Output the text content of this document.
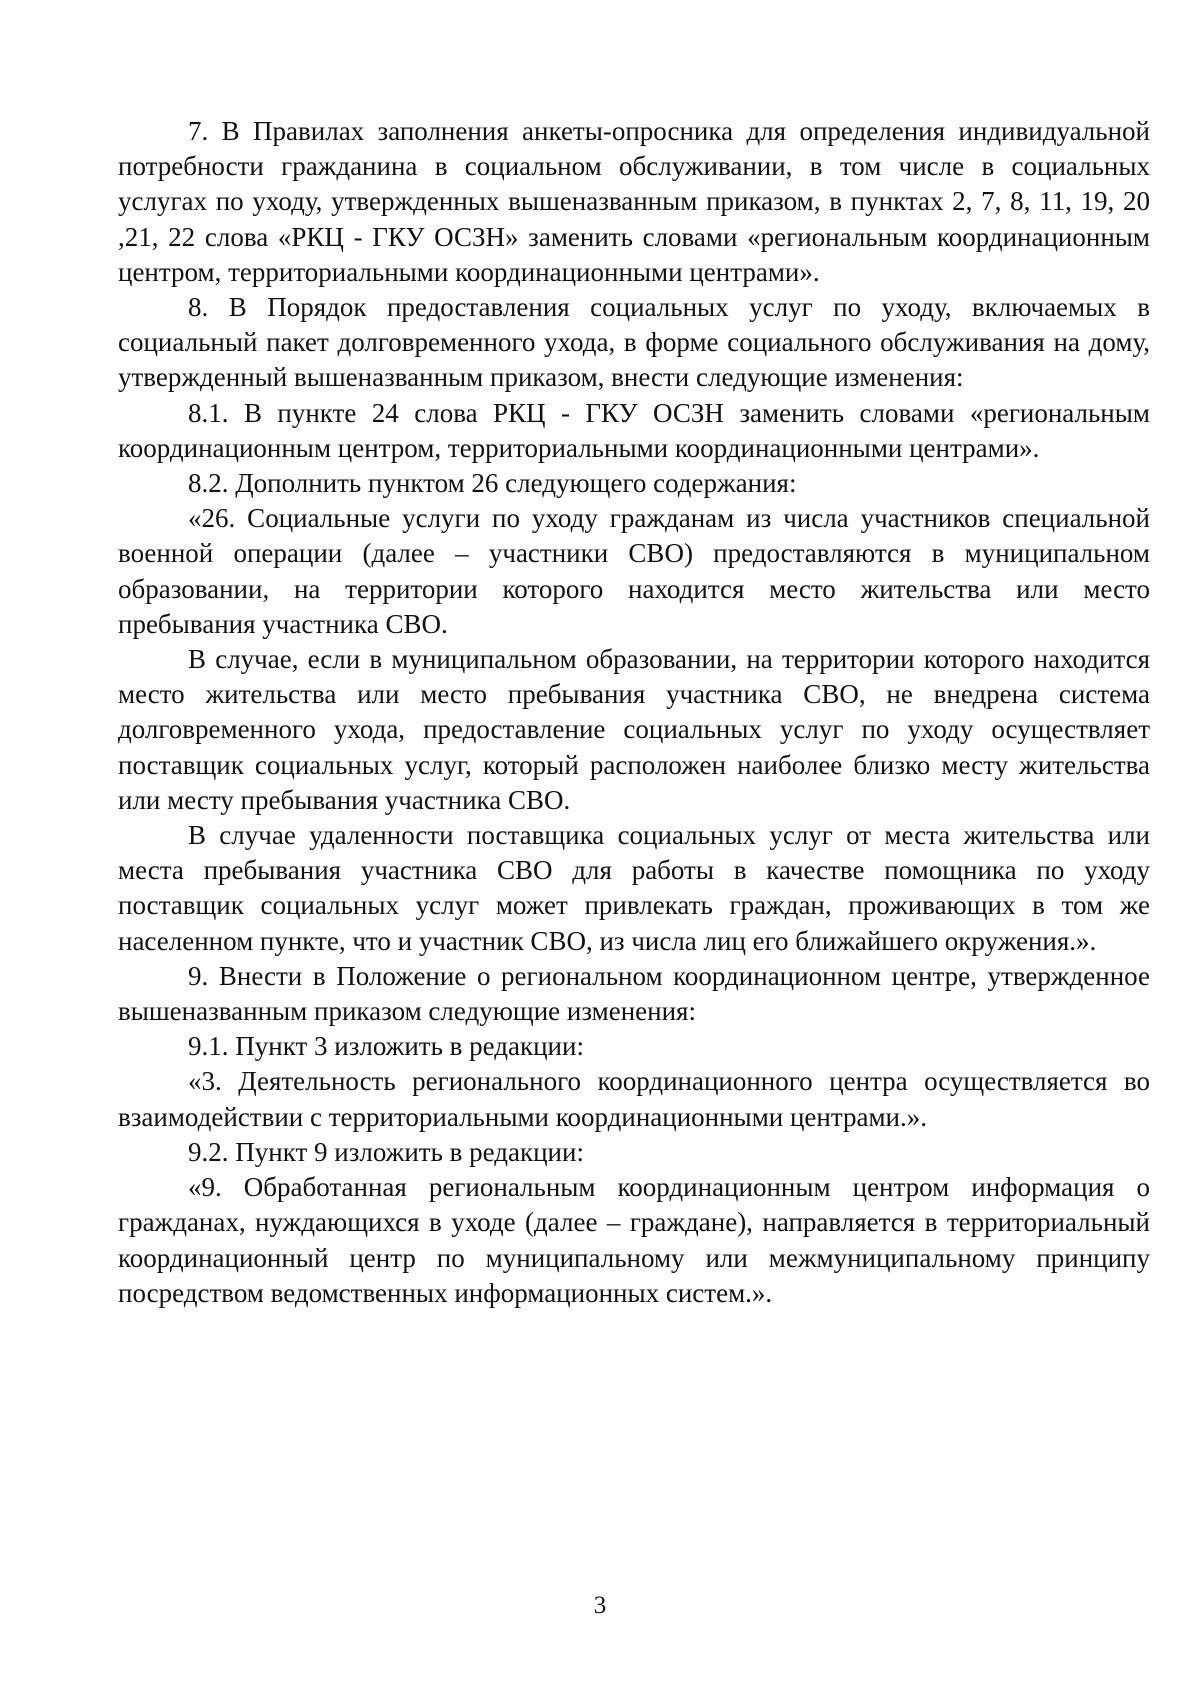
7. В Правилах заполнения анкеты-опросника для определения индивидуальной потребности гражданина в социальном обслуживании, в том числе в социальных услугах по уходу, утвержденных вышеназванным приказом, в пунктах 2, 7, 8, 11, 19, 20 ,21, 22 слова «РКЦ - ГКУ ОСЗН» заменить словами «региональным координационным центром, территориальными координационными центрами».

8. В Порядок предоставления социальных услуг по уходу, включаемых в социальный пакет долговременного ухода, в форме социального обслуживания на дому, утвержденный вышеназванным приказом, внести следующие изменения:

8.1. В пункте 24 слова РКЦ - ГКУ ОСЗН заменить словами «региональным координационным центром, территориальными координационными центрами».

8.2. Дополнить пунктом 26 следующего содержания:

«26. Социальные услуги по уходу гражданам из числа участников специальной военной операции (далее – участники СВО) предоставляются в муниципальном образовании, на территории которого находится место жительства или место пребывания участника СВО.

В случае, если в муниципальном образовании, на территории которого находится место жительства или место пребывания участника СВО, не внедрена система долговременного ухода, предоставление социальных услуг по уходу осуществляет поставщик социальных услуг, который расположен наиболее близко месту жительства или месту пребывания участника СВО.

В случае удаленности поставщика социальных услуг от места жительства или места пребывания участника СВО для работы в качестве помощника по уходу поставщик социальных услуг может привлекать граждан, проживающих в том же населенном пункте, что и участник СВО, из числа лиц его ближайшего окружения.».

9. Внести в Положение о региональном координационном центре, утвержденное вышеназванным приказом следующие изменения:

9.1. Пункт 3 изложить в редакции:

«3. Деятельность регионального координационного центра осуществляется во взаимодействии с территориальными координационными центрами.».

9.2. Пункт 9 изложить в редакции:

«9. Обработанная региональным координационным центром информация о гражданах, нуждающихся в уходе (далее – граждане), направляется в территориальный координационный центр по муниципальному или межмуниципальному принципу посредством ведомственных информационных систем.».

3
